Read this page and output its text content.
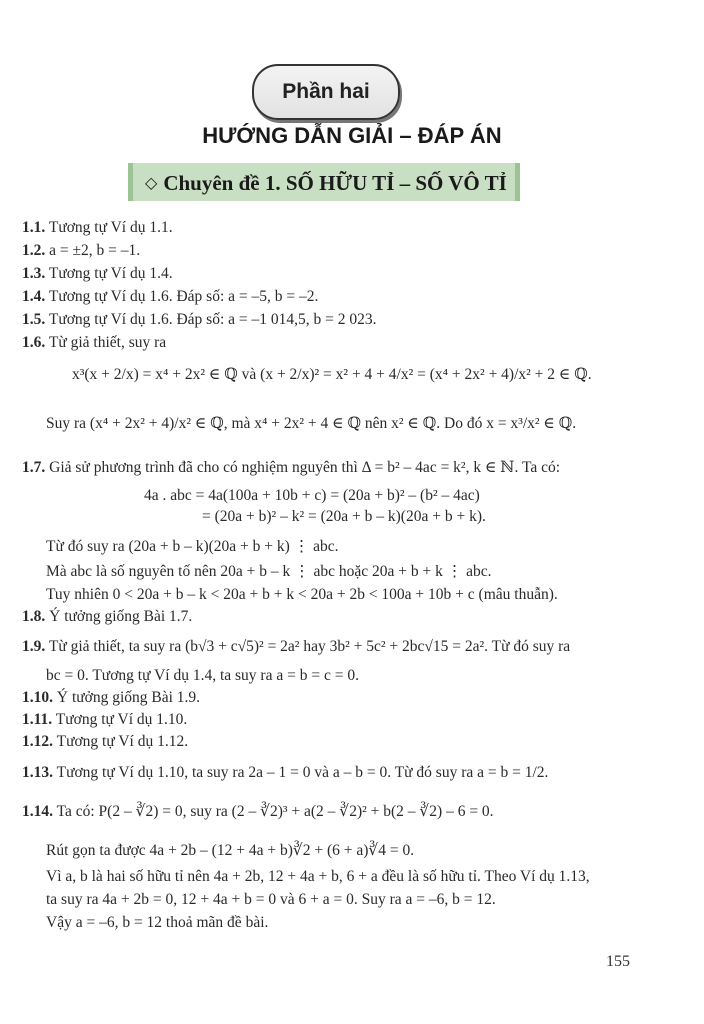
Phần hai
HƯỚNG DẪN GIẢI – ĐÁP ÁN
◇ Chuyên đề 1. SỐ HỮU TỈ – SỐ VÔ TỈ
1.1. Tương tự Ví dụ 1.1.
1.2. a = ±2, b = –1.
1.3. Tương tự Ví dụ 1.4.
1.4. Tương tự Ví dụ 1.6. Đáp số: a = –5, b = –2.
1.5. Tương tự Ví dụ 1.6. Đáp số: a = –1 014,5, b = 2 023.
1.6. Từ giả thiết, suy ra
x³(x + 2/x) = x⁴ + 2x² ∈ ℚ và (x + 2/x)² = x² + 4 + 4/x² = (x⁴ + 2x² + 4)/x² + 2 ∈ ℚ.
Suy ra (x⁴ + 2x² + 4)/x² ∈ ℚ, mà x⁴ + 2x² + 4 ∈ ℚ nên x² ∈ ℚ. Do đó x = x³/x² ∈ ℚ.
1.7. Giả sử phương trình đã cho có nghiệm nguyên thì Δ = b² – 4ac = k², k ∈ ℕ. Ta có:
4a . abc = 4a(100a + 10b + c) = (20a + b)² – (b² – 4ac)
= (20a + b)² – k² = (20a + b – k)(20a + b + k).
Từ đó suy ra (20a + b – k)(20a + b + k) ⋮ abc.
Mà abc là số nguyên tố nên 20a + b – k ⋮ abc hoặc 20a + b + k ⋮ abc.
Tuy nhiên 0 < 20a + b – k < 20a + b + k < 20a + 2b < 100a + 10b + c (mâu thuẫn).
1.8. Ý tưởng giống Bài 1.7.
1.9. Từ giả thiết, ta suy ra (b√3 + c√5)² = 2a² hay 3b² + 5c² + 2bc√15 = 2a². Từ đó suy ra
bc = 0. Tương tự Ví dụ 1.4, ta suy ra a = b = c = 0.
1.10. Ý tưởng giống Bài 1.9.
1.11. Tương tự Ví dụ 1.10.
1.12. Tương tự Ví dụ 1.12.
1.13. Tương tự Ví dụ 1.10, ta suy ra 2a – 1 = 0 và a – b = 0. Từ đó suy ra a = b = 1/2.
1.14. Ta có: P(2 – ∛2) = 0, suy ra (2 – ∛2)³ + a(2 – ∛2)² + b(2 – ∛2) – 6 = 0.
Rút gọn ta được 4a + 2b – (12 + 4a + b)∛2 + (6 + a)∛4 = 0.
Vì a, b là hai số hữu tỉ nên 4a + 2b, 12 + 4a + b, 6 + a đều là số hữu tỉ. Theo Ví dụ 1.13,
ta suy ra 4a + 2b = 0, 12 + 4a + b = 0 và 6 + a = 0. Suy ra a = –6, b = 12.
Vậy a = –6, b = 12 thoả mãn đề bài.
155
